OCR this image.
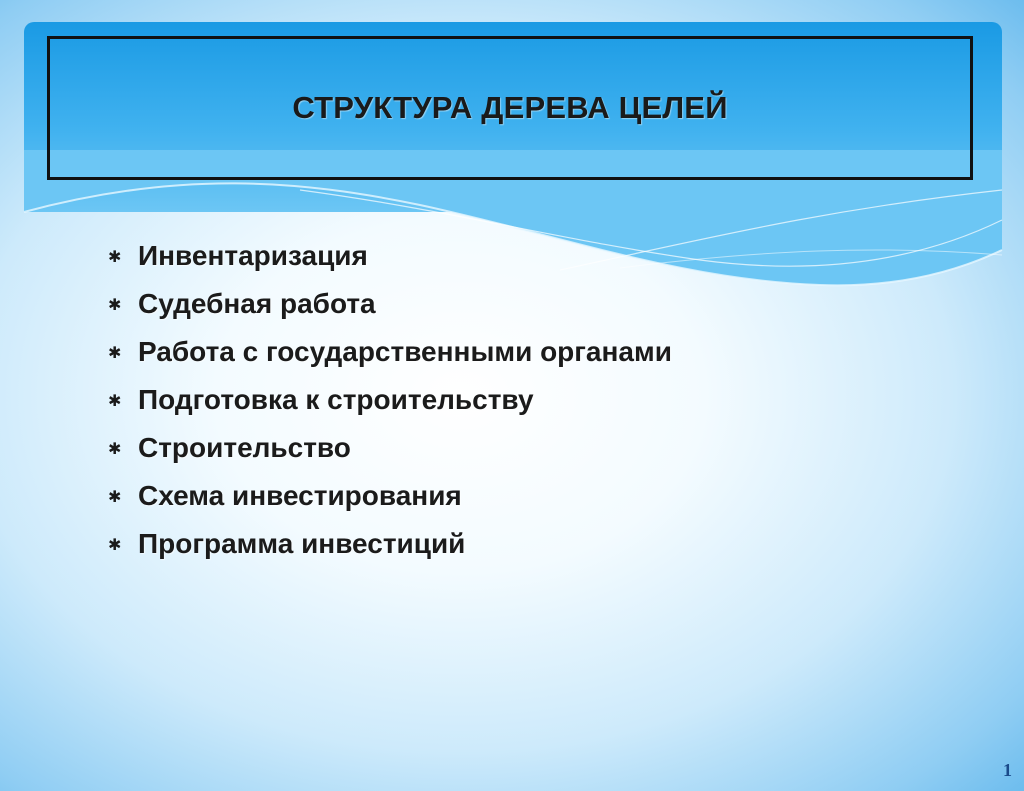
СТРУКТУРА ДЕРЕВА ЦЕЛЕЙ
✱ Инвентаризация
✱ Судебная работа
✱ Работа с государственными органами
✱ Подготовка к строительству
✱ Строительство
✱ Схема инвестирования
✱ Программа инвестиций
1
